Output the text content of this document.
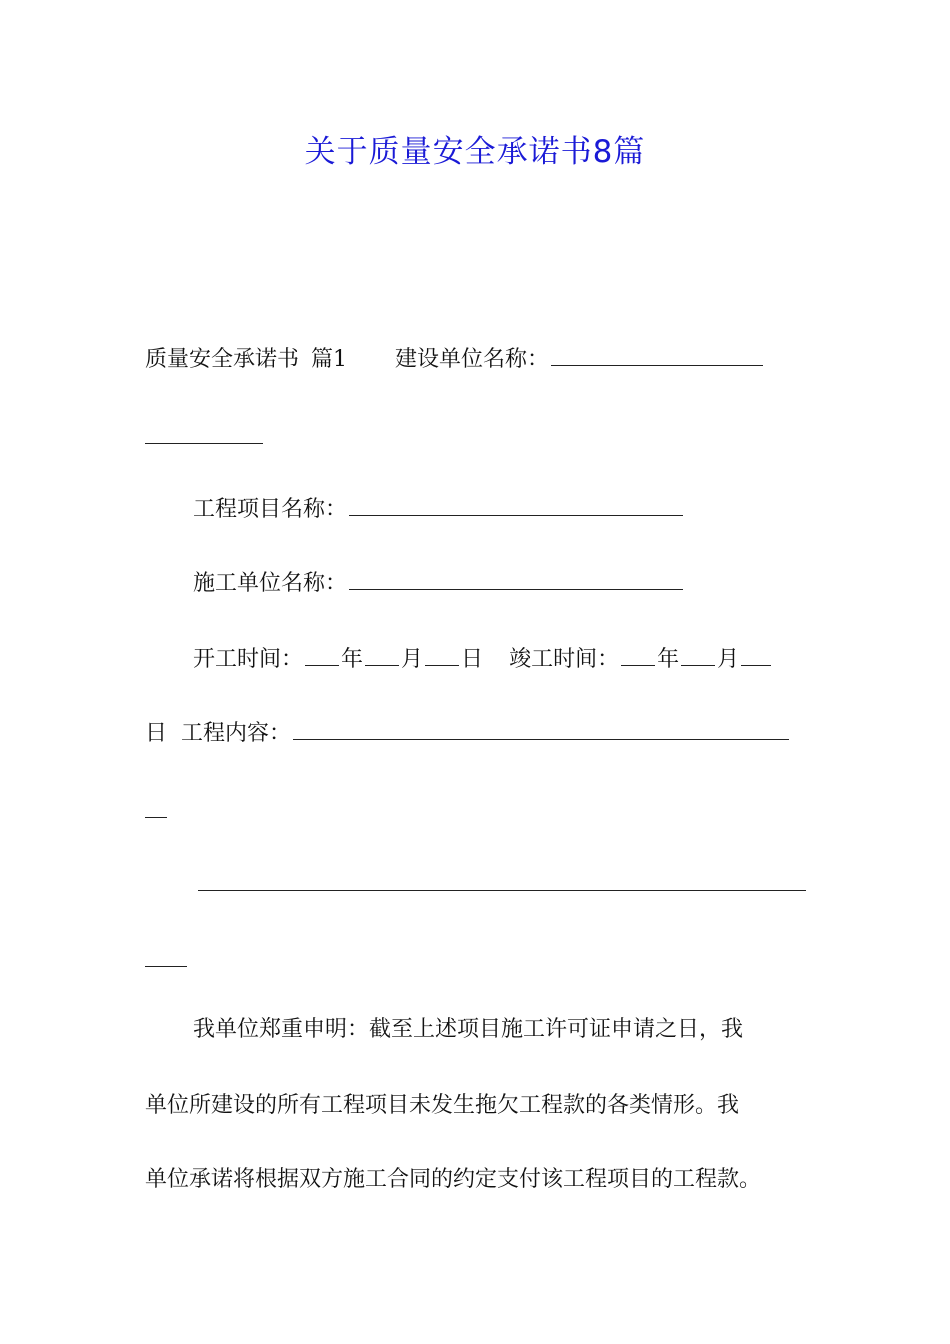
关于质量安全承诺书8篇
质量安全承诺书 篇1 建设单位名称：
工程项目名称：
施工单位名称：
开工时间： 年 月 日 竣工时间： 年 月
日 工程内容：
我单位郑重申明：截至上述项目施工许可证申请之日，我
单位所建设的所有工程项目未发生拖欠工程款的各类情形。我
单位承诺将根据双方施工合同的约定支付该工程项目的工程款。
